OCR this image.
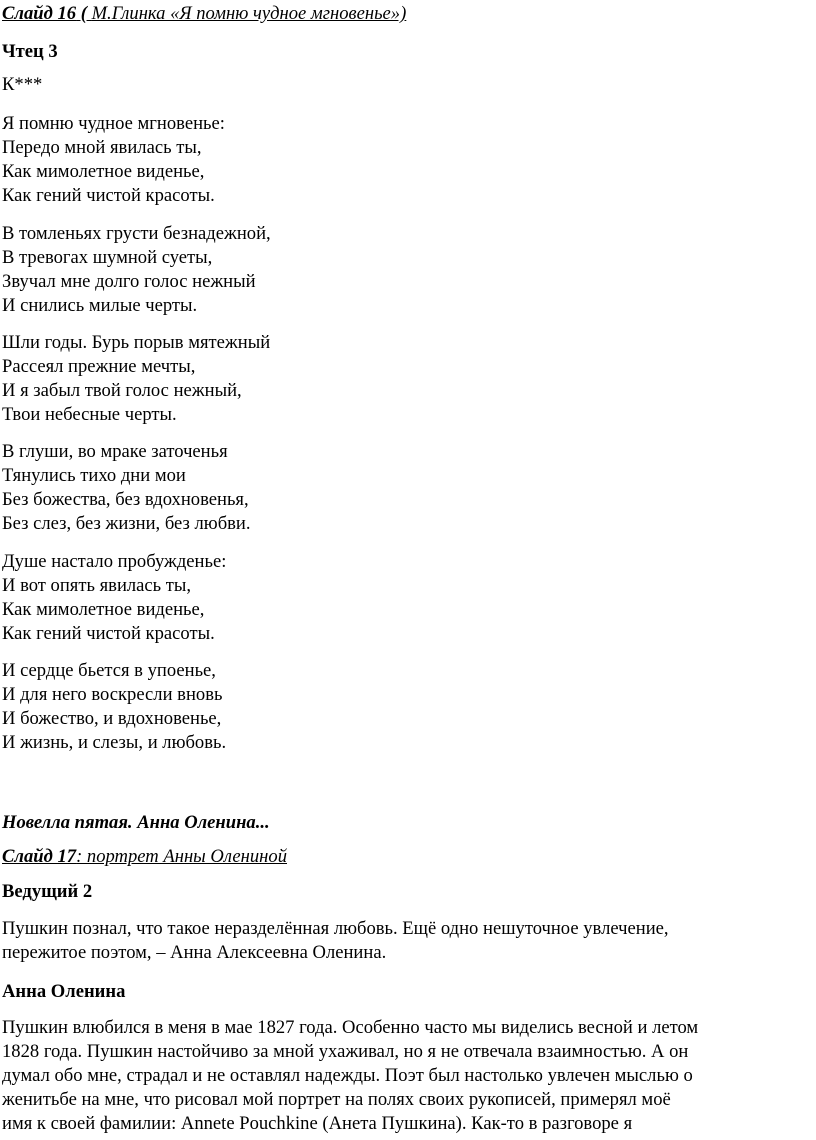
Слайд 16 ( М.Глинка «Я помню чудное мгновенье»)
Чтец 3
К***
Я помню чудное мгновенье:
Передо мной явилась ты,
Как мимолетное виденье,
Как гений чистой красоты.
В томленьях грусти безнадежной,
В тревогах шумной суеты,
Звучал мне долго голос нежный
И снились милые черты.
Шли годы. Бурь порыв мятежный
Рассеял прежние мечты,
И я забыл твой голос нежный,
Твои небесные черты.
В глуши, во мраке заточенья
Тянулись тихо дни мои
Без божества, без вдохновенья,
Без слез, без жизни, без любви.
Душе настало пробужденье:
И вот опять явилась ты,
Как мимолетное виденье,
Как гений чистой красоты.
И сердце бьется в упоенье,
И для него воскресли вновь
И божество, и вдохновенье,
И жизнь, и слезы, и любовь.
Новелла пятая. Анна Оленина...
Слайд 17: портрет Анны Олениной
Ведущий 2
Пушкин познал, что такое неразделённая любовь. Ещё одно нешуточное увлечение,
пережитое поэтом, – Анна Алексеевна Оленина.
Анна Оленина
Пушкин влюбился в меня в мае 1827 года. Особенно часто мы виделись весной и летом
1828 года. Пушкин настойчиво за мной ухаживал, но я не отвечала взаимностью. А он
думал обо мне, страдал и не оставлял надежды. Поэт был настолько увлечен мыслью о
женитьбе на мне, что рисовал мой портрет на полях своих рукописей, примерял моё
имя к своей фамилии: Annete Pouchkine (Анета Пушкина). Как-то в разговоре я
